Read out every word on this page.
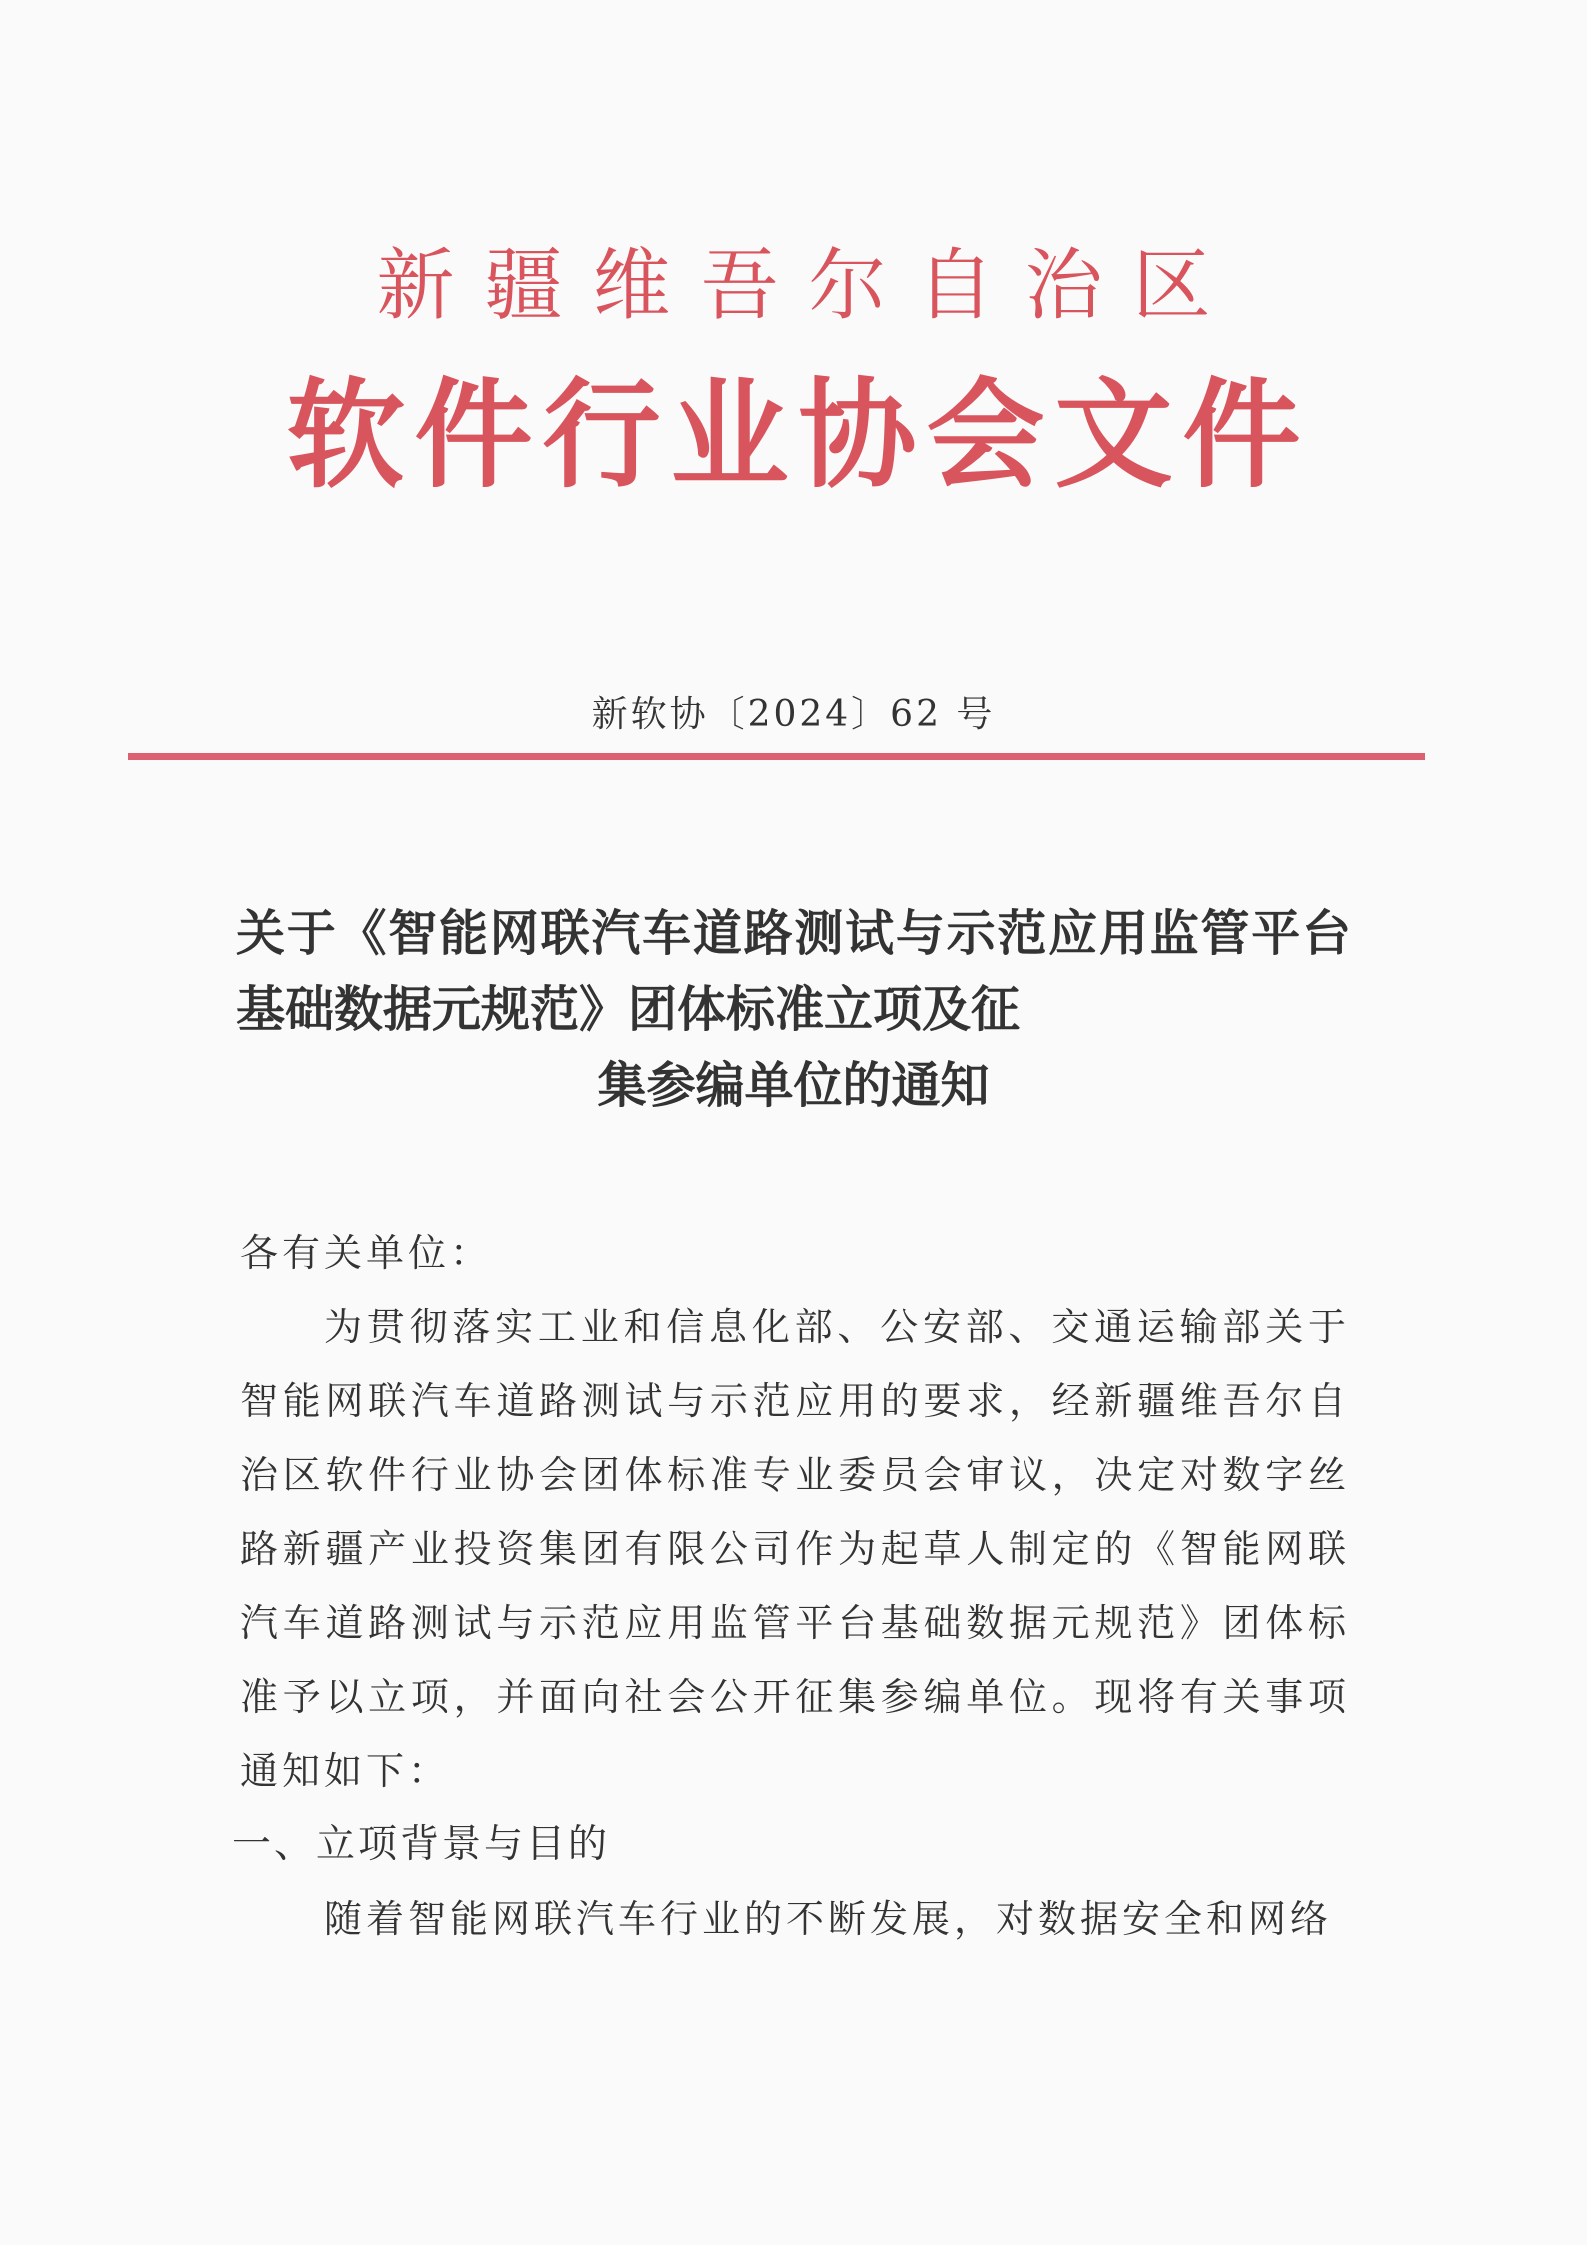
新疆维吾尔自治区
软件行业协会文件
新软协〔2024〕62 号
关于《智能网联汽车道路测试与示范应用监管平台基础数据元规范》团体标准立项及征
集参编单位的通知
各有关单位：
为贯彻落实工业和信息化部、公安部、交通运输部关于智能网联汽车道路测试与示范应用的要求，经新疆维吾尔自治区软件行业协会团体标准专业委员会审议，决定对数字丝路新疆产业投资集团有限公司作为起草人制定的《智能网联汽车道路测试与示范应用监管平台基础数据元规范》团体标准予以立项，并面向社会公开征集参编单位。现将有关事项通知如下：
一、立项背景与目的
随着智能网联汽车行业的不断发展，对数据安全和网络
